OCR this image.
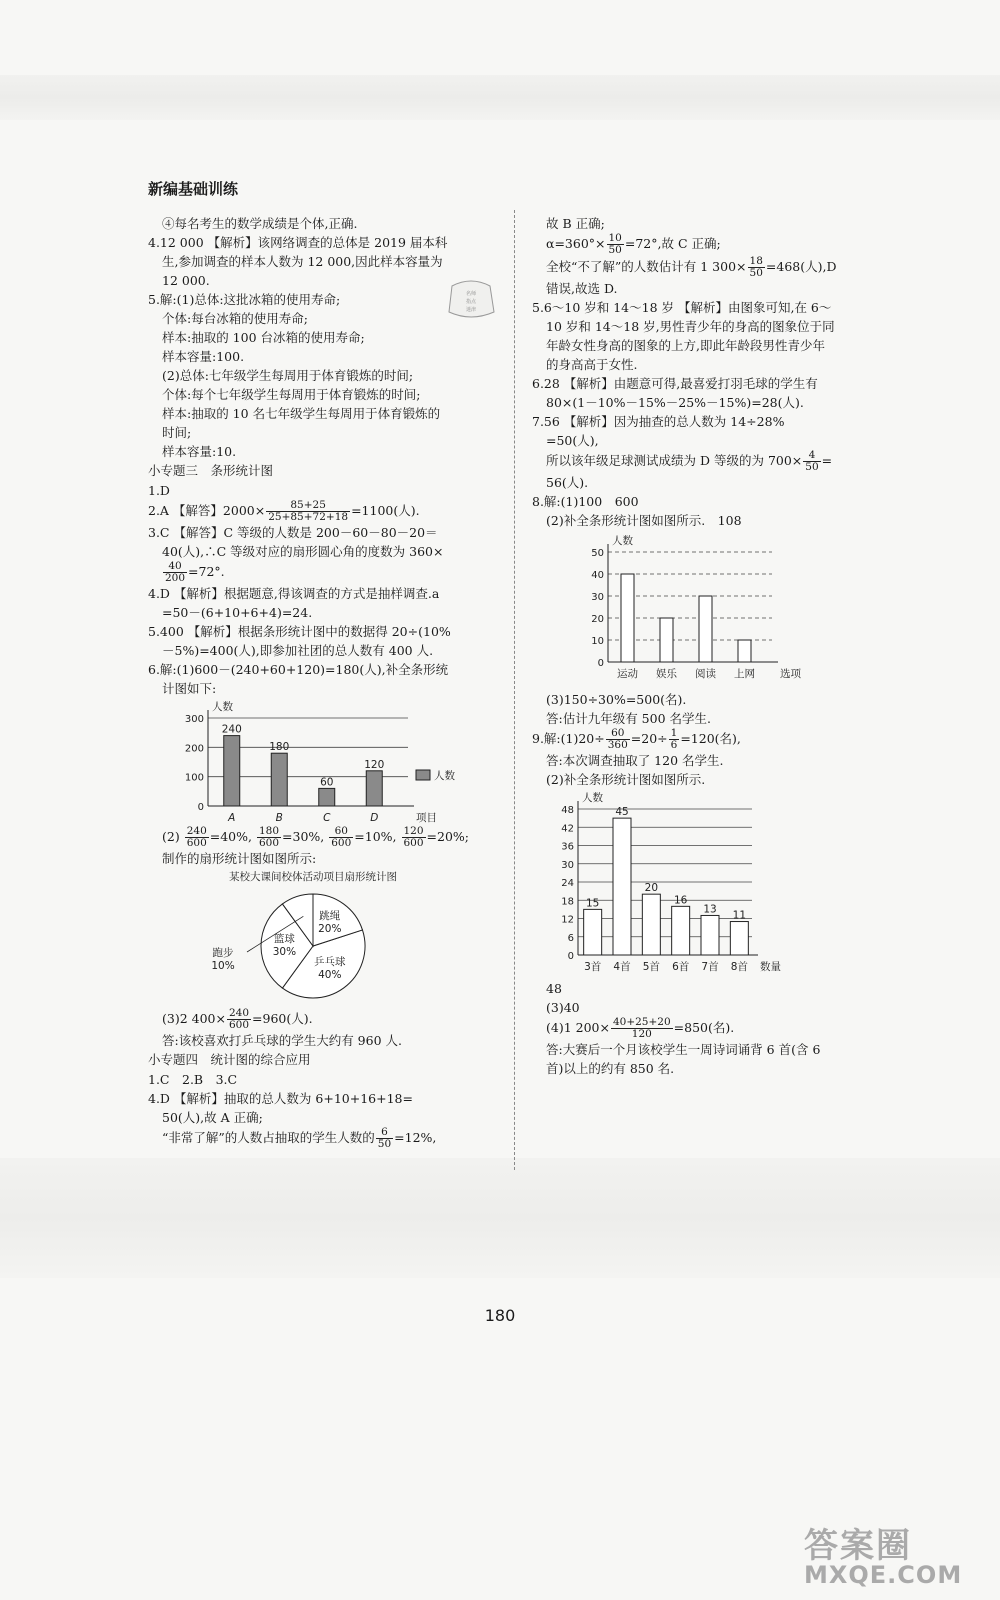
新编基础训练
名师
指点
迷津
④每名考生的数学成绩是个体,正确.
4.12 000 【解析】该网络调查的总体是 2019 届本科
生,参加调查的样本人数为 12 000,因此样本容量为
12 000.
5.解:(1)总体:这批冰箱的使用寿命;
个体:每台冰箱的使用寿命;
样本:抽取的 100 台冰箱的使用寿命;
样本容量:100.
(2)总体:七年级学生每周用于体育锻炼的时间;
个体:每个七年级学生每周用于体育锻炼的时间;
样本:抽取的 10 名七年级学生每周用于体育锻炼的
时间;
样本容量:10.
小专题三　条形统计图
1.D
2.A 【解答】$2000\times \frac{85+25}{25+85+72+18} =1100$(人).
3.C 【解答】C 等级的人数是 200－60－80－20＝
40(人),∴C 等级对应的扇形圆心角的度数为 360×
$\frac{40}{200} =72^\circ$.
4.D 【解析】根据题意,得该调查的方式是抽样调查.a
=50－(6+10+6+4)=24.
5.400 【解析】根据条形统计图中的数据得 20÷(10%
－5%)=400(人),即参加社团的总人数有 400 人.
6.解:(1)600－(240+60+120)=180(人),补全条形统
计图如下:
0
100
200
300
人数
项目
A
240
B
180
C
60
D
120
人数
$(2) \frac{240}{600} =40\%$, $\frac{180}{600} =30\%$, $\frac{60}{600} =10\%$, $\frac{120}{600} =20\%$;
制作的扇形统计图如图所示:
某校大课间校体活动项目扇形统计图
乒乓球
40%
篮球
30%
跑步
10%
跳绳
20%
(3)2 $400\times \frac{240}{600} =960$(人).
答:该校喜欢打乒乓球的学生大约有 960 人.
小专题四　统计图的综合应用
1.C　2.B　3.C
4.D 【解析】抽取的总人数为 6+10+16+18=
50(人),故 A 正确;
“非常了解”的人数占抽取的学生人数的 $\frac{6}{50} =12\%$,
故 B 正确;
$\alpha=360^\circ\times \frac{10}{50} =72^\circ$,故 C 正确;
全校“不了解”的人数估计有 1 $300\times \frac{18}{50} =468$(人),D
错误,故选 D.
5.6～10 岁和 14～18 岁 【解析】由图象可知,在 6～
10 岁和 14～18 岁,男性青少年的身高的图象位于同
年龄女性身高的图象的上方,即此年龄段男性青少年
的身高高于女性.
6.28 【解析】由题意可得,最喜爱打羽毛球的学生有
80×(1－10%－15%－25%－15%)=28(人).
7.56 【解析】因为抽查的总人数为 14÷28%
=50(人),
所以该年级足球测试成绩为 D 等级的为 $700\times \frac{4}{50}$ =
56(人).
8.解:(1)100　600
(2)补全条形统计图如图所示.　108
0
10
20
30
40
50
人数
选项
运动 娱乐 阅读 上网
(3)150÷30%=500(名).
答:估计九年级有 500 名学生.
9.解:(1)20÷ $\frac{60}{360} =20\div \frac{1}{6} =120$(名),
答:本次调查抽取了 120 名学生.
(2)补全条形统计图如图所示.
0
6
12
18
24
30
36
42
48
人数
数量
3首
15
4首
45
5首
20
6首
16
7首
13
8首
11
48
(3)40
(4)1 $200\times \frac{40+25+20}{120} =850$(名).
答:大赛后一个月该校学生一周诗词诵背 6 首(含 6
首)以上的约有 850 名.
180
答案圈
MXQE.COM
